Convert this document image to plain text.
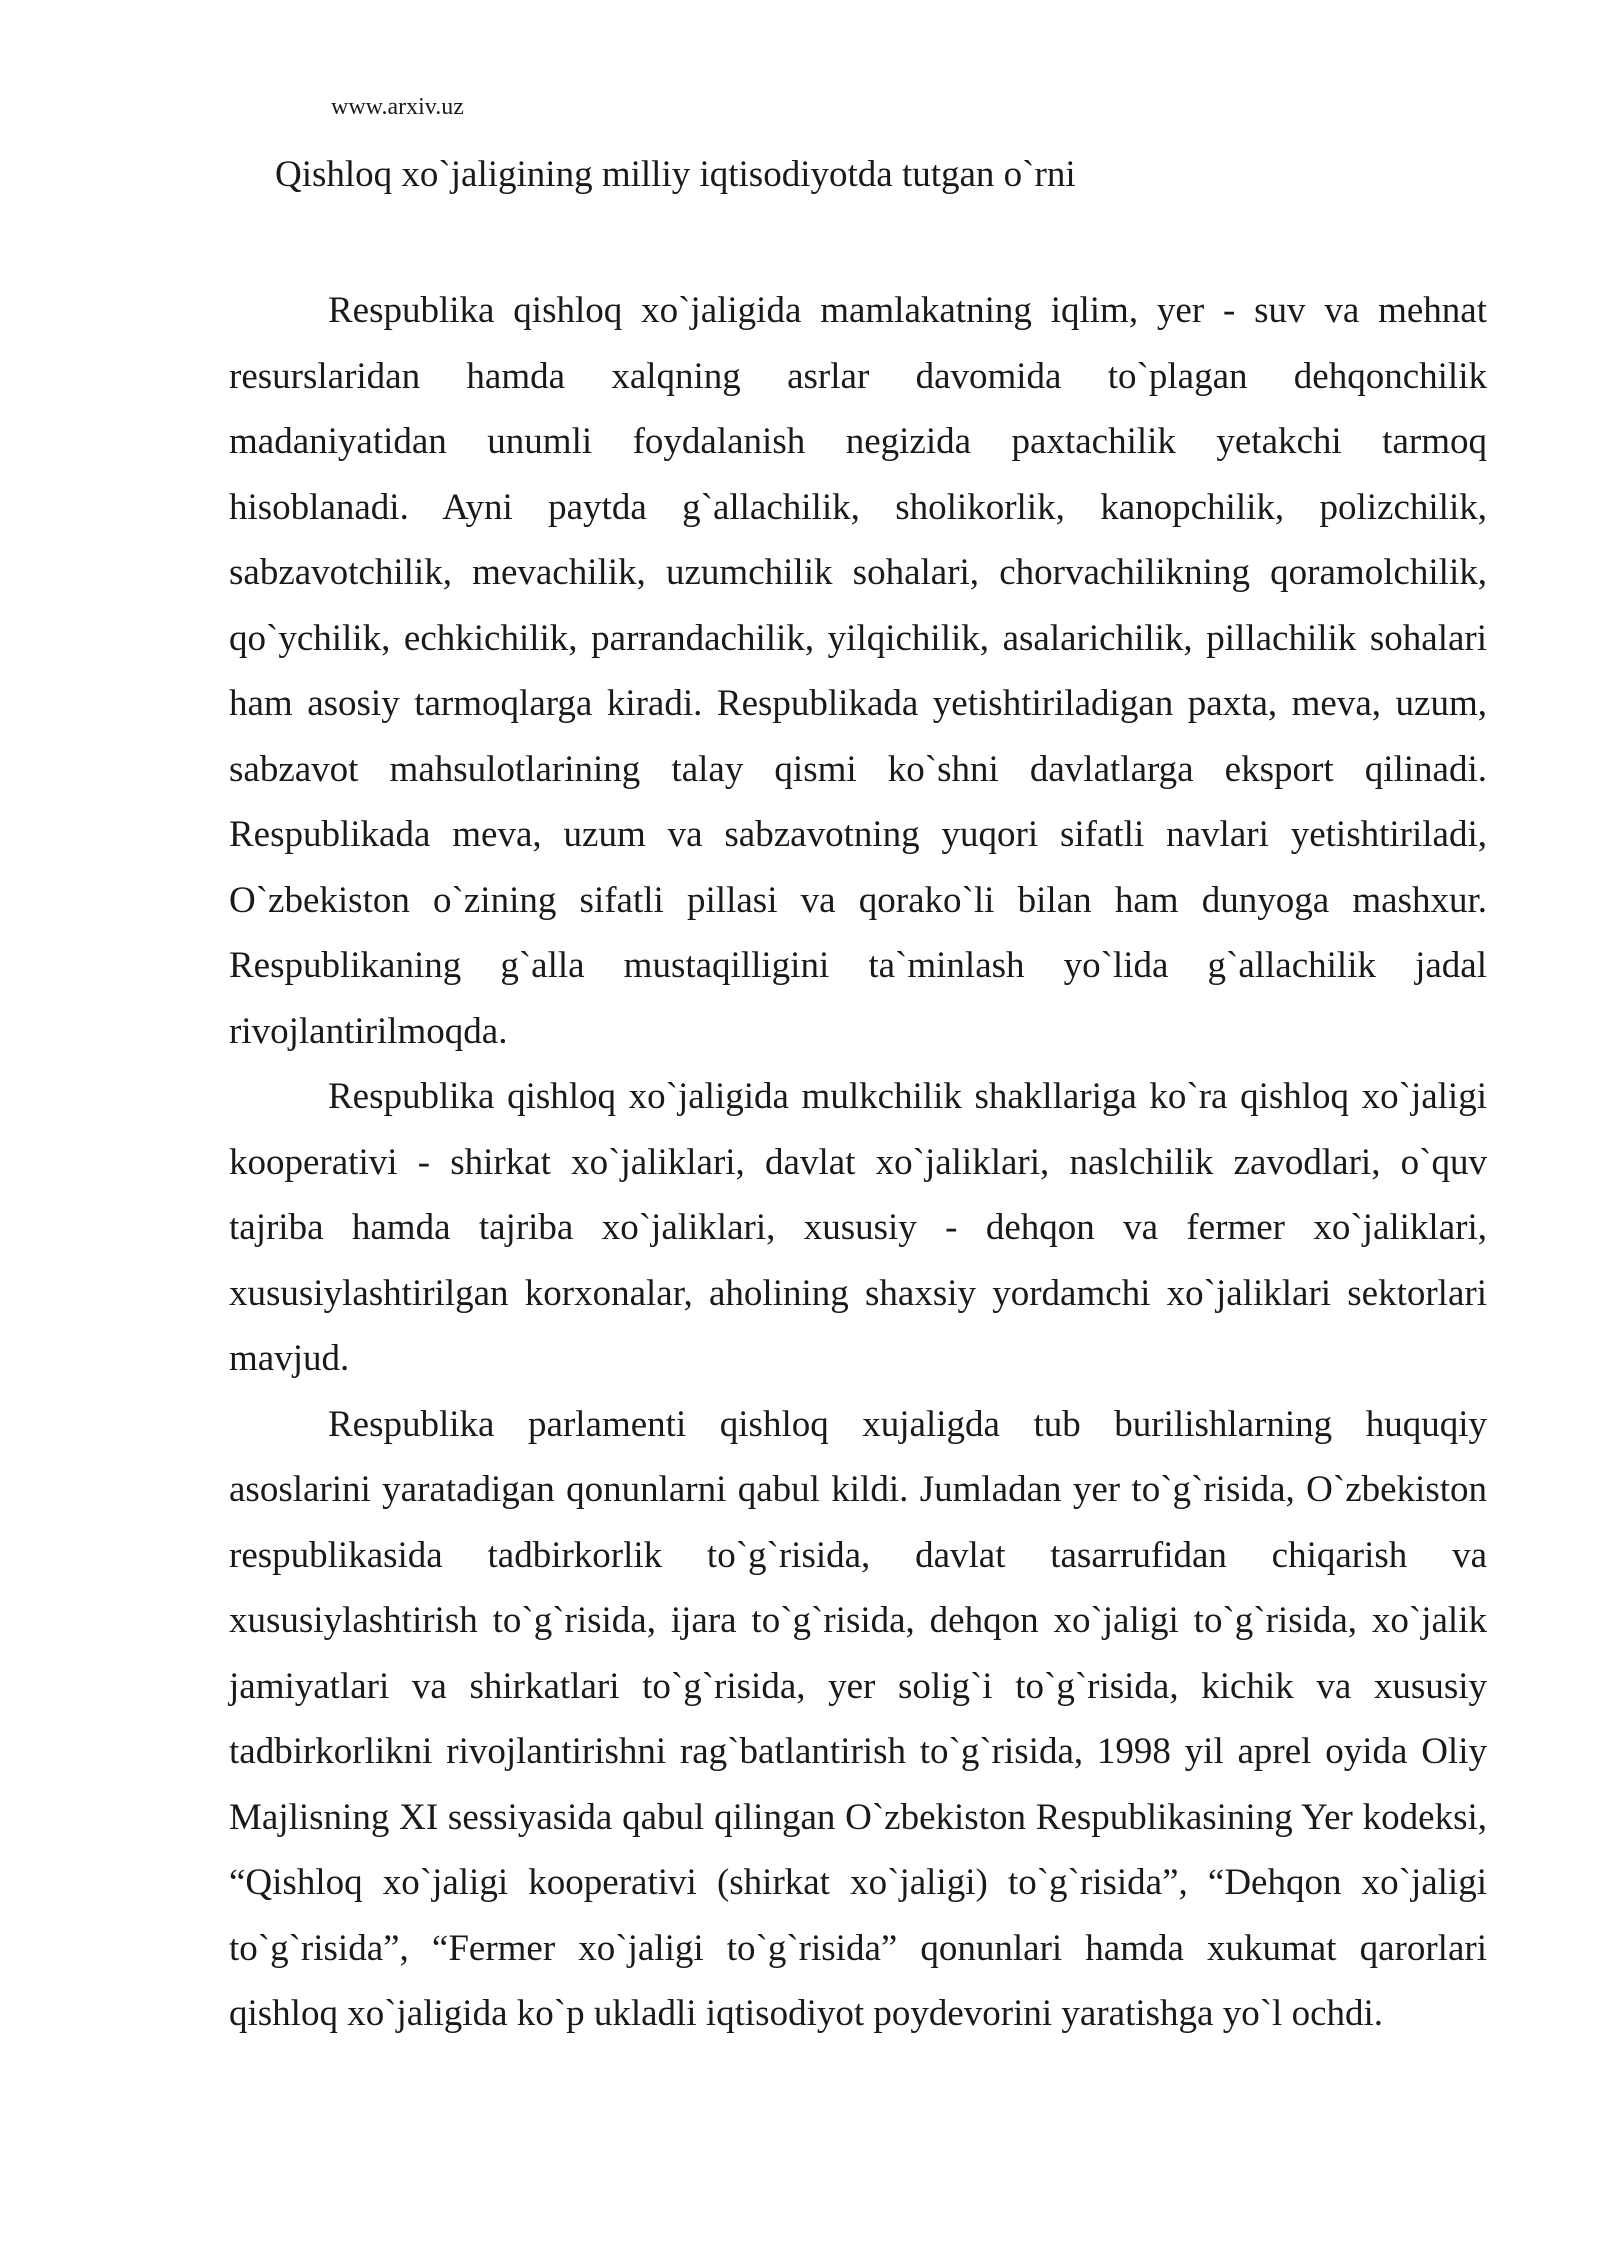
www.arxiv.uz
Qishloq xo`jaligining milliy iqtisodiyotda tutgan o`rni

Respublika qishloq xo`jaligida mamlakatning iqlim, yer - suv va mehnat resurslaridan hamda xalqning asrlar davomida to`plagan dehqonchilik madaniyatidan unumli foydalanish negizida paxtachilik yetakchi tarmoq hisoblanadi. Ayni paytda g`allachilik, sholikorlik, kanopchilik, polizchilik, sabzavotchilik, mevachilik, uzumchilik sohalari, chorvachilikning qoramolchilik, qo`ychilik, echkichilik, parrandachilik, yilqichilik, asalarichilik, pillachilik sohalari ham asosiy tarmoqlarga kiradi. Respublikada yetishtiriladigan paxta, meva, uzum, sabzavot mahsulotlarining talay qismi ko`shni davlatlarga eksport qilinadi. Respublikada meva, uzum va sabzavotning yuqori sifatli navlari yetishtiriladi, O`zbekiston o`zining sifatli pillasi va qorako`li bilan ham dunyoga mashxur. Respublikaning g`alla mustaqilligini ta`minlash yo`lida g`allachilik jadal rivojlantirilmoqda.

Respublika qishloq xo`jaligida mulkchilik shakllariga ko`ra qishloq xo`jaligi kooperativi - shirkat xo`jaliklari, davlat xo`jaliklari, naslchilik zavodlari, o`quv tajriba hamda tajriba xo`jaliklari, xususiy - dehqon va fermer xo`jaliklari, xususiylashtirilgan korxonalar, aholining shaxsiy yordamchi xo`jaliklari sektorlari mavjud.

Respublika parlamenti qishloq xujaligda tub burilishlarning huquqiy asoslarini yaratadigan qonunlarni qabul kildi. Jumladan yer to`g`risida, O`zbekiston respublikasida tadbirkorlik to`g`risida, davlat tasarrufidan chiqarish va xususiylashtirish to`g`risida, ijara to`g`risida, dehqon xo`jaligi to`g`risida, xo`jalik jamiyatlari va shirkatlari to`g`risida, yer solig`i to`g`risida, kichik va xususiy tadbirkorlikni rivojlantirishni rag`batlantirish to`g`risida, 1998 yil aprel oyida Oliy Majlisning XI sessiyasida qabul qilingan O`zbekiston Respublikasining Yer kodeksi, “Qishloq xo`jaligi kooperativi (shirkat xo`jaligi) to`g`risida”, “Dehqon xo`jaligi to`g`risida”, “Fermer xo`jaligi to`g`risida” qonunlari hamda xukumat qarorlari qishloq xo`jaligida ko`p ukladli iqtisodiyot poydevorini yaratishga yo`l ochdi.
